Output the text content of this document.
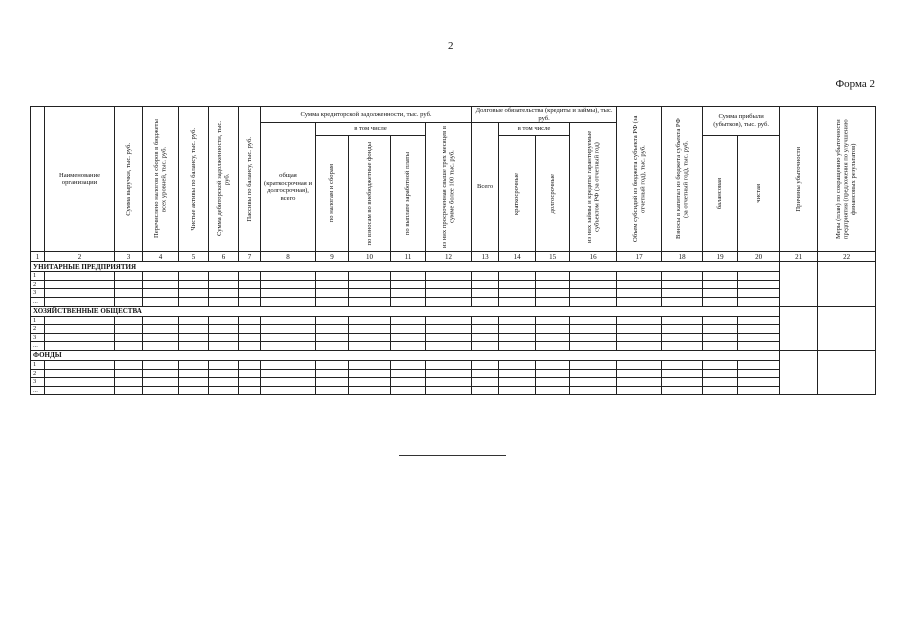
2
Форма 2
	Наименование организации	Сумма выручки, тыс. руб.	Перечислено налогов и сборов в бюджеты всех уровней, тыс. руб.	Чистые активы по балансу, тыс. руб.	Сумма дебиторской задолженности, тыс. руб.	Пассивы по балансу, тыс. руб.	Сумма кредиторской задолженности, тыс. руб.					Долговые обязательства (кредиты и займы), тыс. руб.				Объем субсидий из бюджета субъекта РФ (за отчетный год), тыс. руб.	Взносы в капитал из бюджета субъекта РФ (за отчетный год), тыс. руб.	Сумма прибыли (убытков), тыс. руб.		Причины убыточности	Меры (план) по сокращению убыточности предприятия (предложения по улучшению финансовых результатов)

							общая (краткосрочная и долгосрочная), всего	в том числе			из них просроченная свыше трех месяцев в сумме более 100 тыс. руб.	Всего	в том числе		из них займы и кредиты гарантируемые субъектом РФ (за отчетный год)						

								по налогам и сборам	по взносам во внебюджетные фонды	по выплате заработной платы			краткосрочные	долгосрочные				балансовая	чистая		

1	2	3	4	5	6	7	8	9	10	11	12	13	14	15	16	17	18	19	20	21	22
УНИТАРНЫЕ ПРЕДПРИЯТИЯ																					
1																					
2																					
3																					
...																					
ХОЗЯЙСТВЕННЫЕ ОБЩЕСТВА																					
1																					
2																					
3																					
...																					
ФОНДЫ																					
1																					
2																					
3																					
...																					
